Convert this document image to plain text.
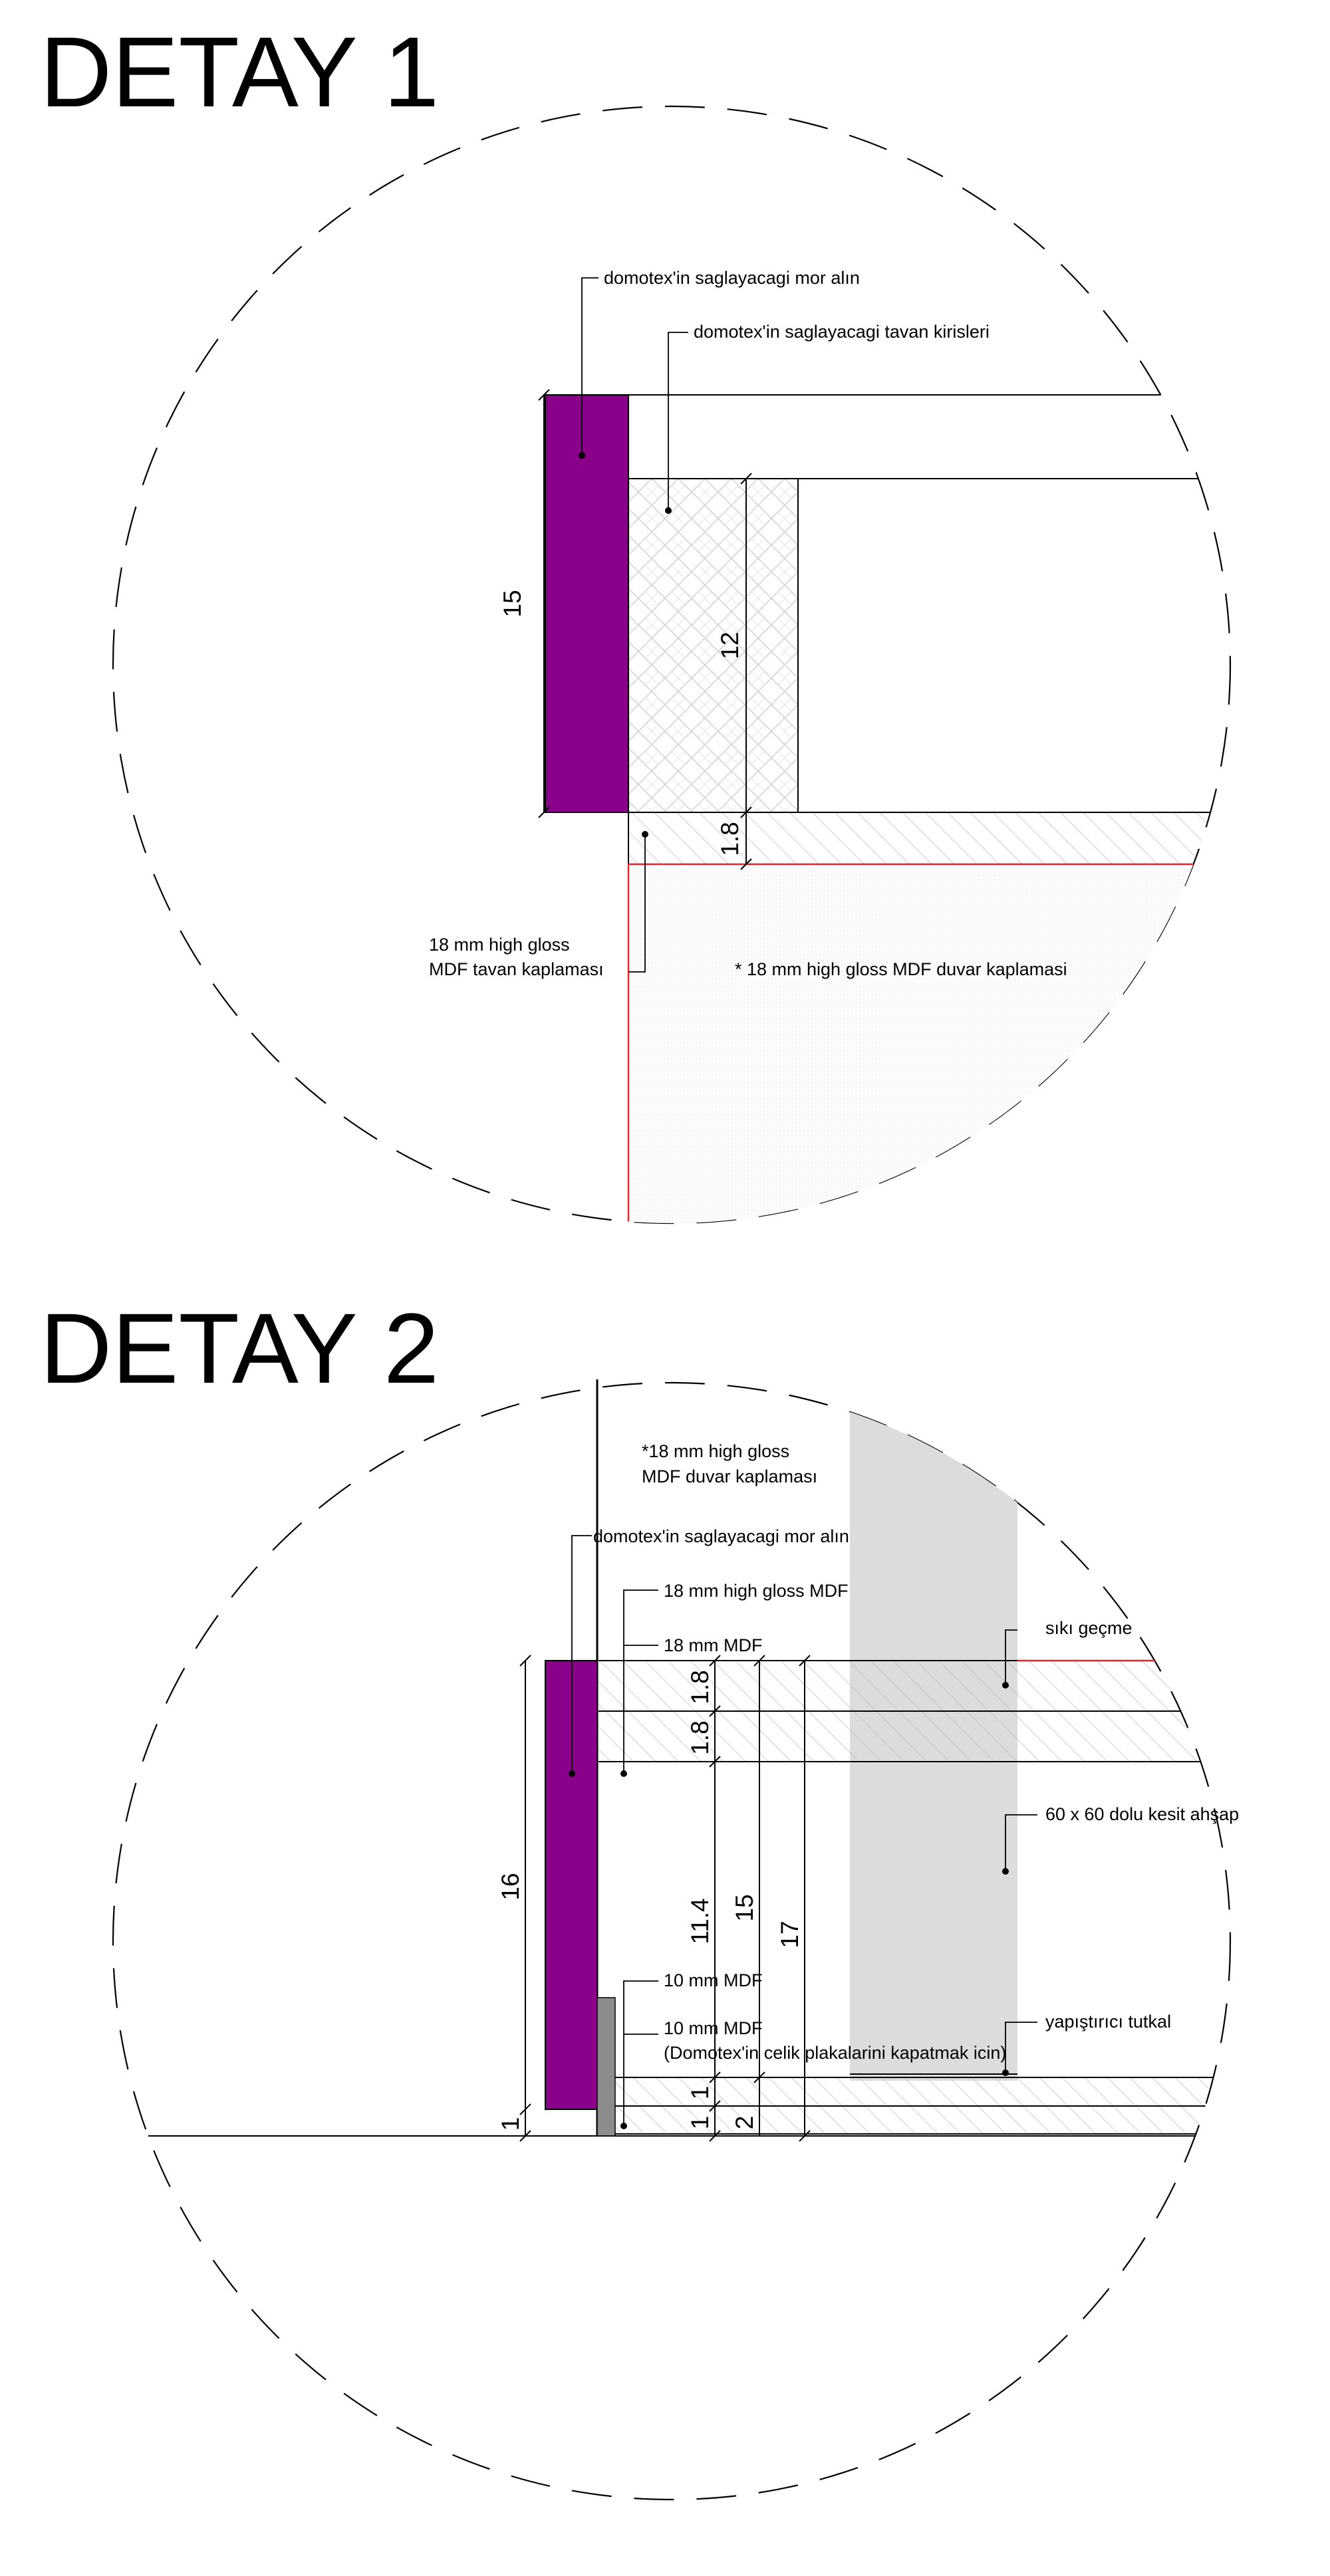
DETAY 1
15
12
1.8
domotex'in saglayacagi mor alın
domotex'in saglayacagi tavan kirisleri
18 mm high gloss
MDF tavan kaplaması	* 18 mm high gloss MDF duvar kaplamasi
DETAY 2
16
1
1.8
1.8
11.4
1
1
15
2
17
*18 mm high gloss
MDF duvar kaplaması
domotex'in saglayacagi mor alın
18 mm high gloss MDF
18 mm MDF
sıkı geçme
60 x 60 dolu kesit ahşap
10 mm MDF
10 mm MDF
(Domotex'in celik plakalarini kapatmak icin)
yapıştırıcı tutkal
